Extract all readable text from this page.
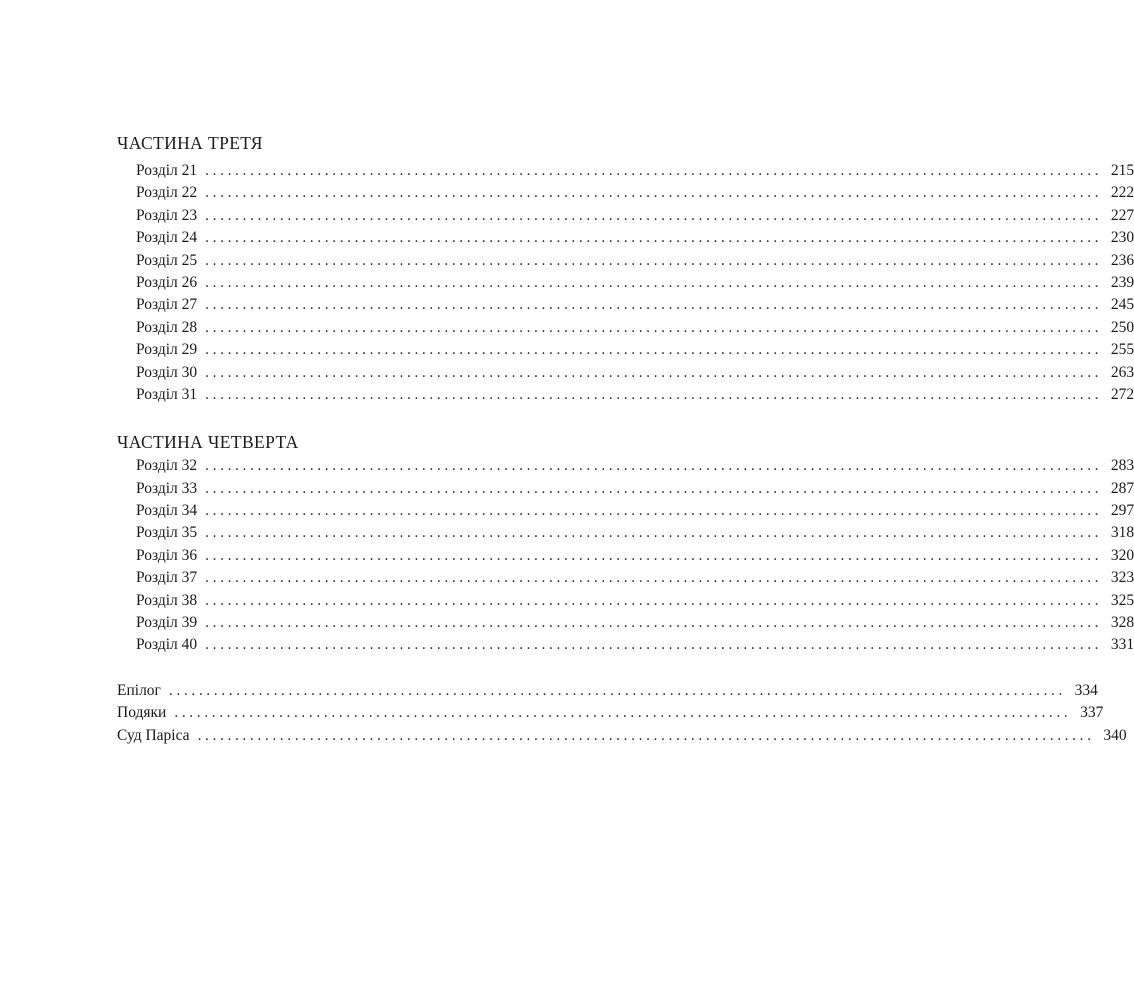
ЧАСТИНА ТРЕТЯ
Розділ 21 ........................................................................................................................ 215
Розділ 22 ........................................................................................................................ 222
Розділ 23 ........................................................................................................................ 227
Розділ 24 ........................................................................................................................ 230
Розділ 25 ........................................................................................................................ 236
Розділ 26 ........................................................................................................................ 239
Розділ 27 ........................................................................................................................ 245
Розділ 28 ........................................................................................................................ 250
Розділ 29 ........................................................................................................................ 255
Розділ 30 ........................................................................................................................ 263
Розділ 31 ........................................................................................................................ 272
ЧАСТИНА ЧЕТВЕРТА
Розділ 32 ........................................................................................................................ 283
Розділ 33 ........................................................................................................................ 287
Розділ 34 ........................................................................................................................ 297
Розділ 35 ........................................................................................................................ 318
Розділ 36 ........................................................................................................................ 320
Розділ 37 ........................................................................................................................ 323
Розділ 38 ........................................................................................................................ 325
Розділ 39 ........................................................................................................................ 328
Розділ 40 ........................................................................................................................ 331
Епілог ........................................................................................................................ 334
Подяки ........................................................................................................................ 337
Суд Паріса ........................................................................................................................ 340
